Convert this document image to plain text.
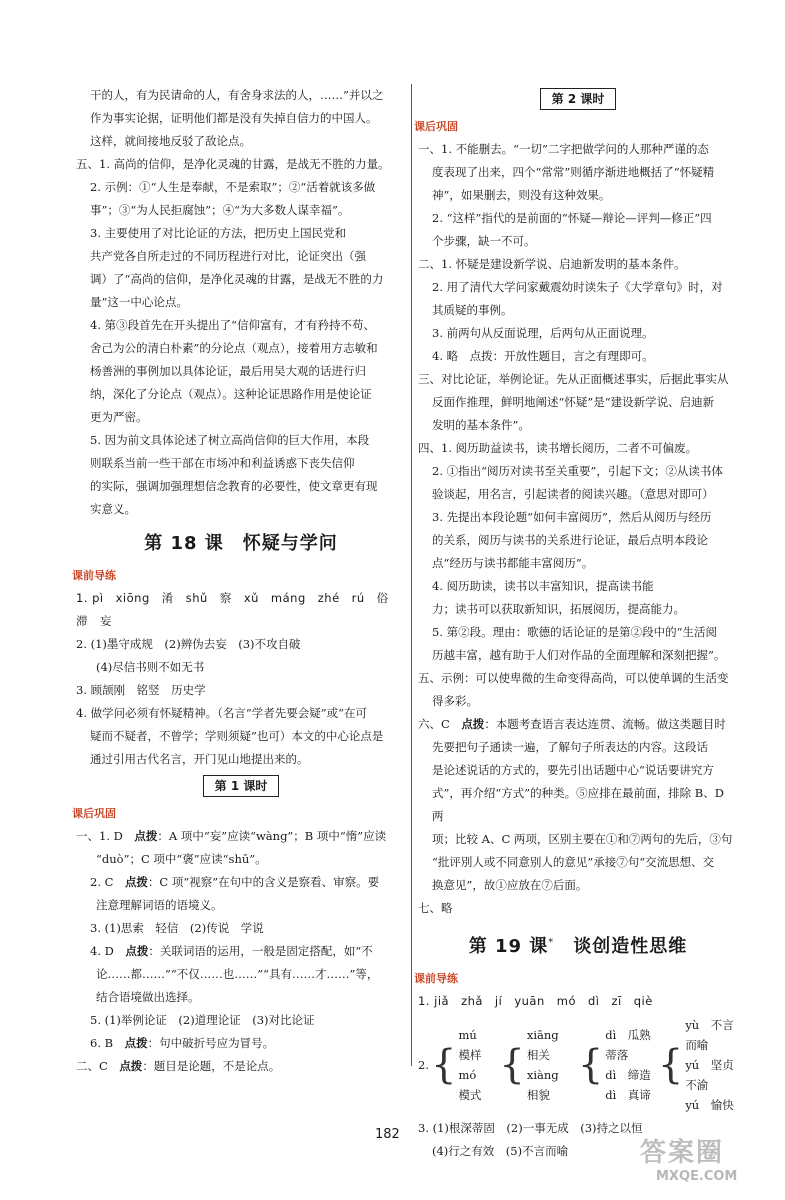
干的人，有为民请命的人，有舍身求法的人，……”并以之

作为事实论据，证明他们都是没有失掉自信力的中国人。

这样，就间接地反驳了敌论点。

五、1. 高尚的信仰，是净化灵魂的甘露，是战无不胜的力量。

2. 示例：①“人生是奉献，不是索取”；②“活着就该多做

事”；③“为人民拒腐蚀”；④“为大多数人谋幸福”。

3. 主要使用了对比论证的方法，把历史上国民党和

共产党各自所走过的不同历程进行对比，论证突出（强

调）了“高尚的信仰，是净化灵魂的甘露，是战无不胜的力

量”这一中心论点。

4. 第③段首先在开头提出了“信仰富有，才有矜持不苟、

舍己为公的清白朴素”的分论点（观点），接着用方志敏和

杨善洲的事例加以具体论证，最后用吴大观的话进行归

纳，深化了分论点（观点）。这种论证思路作用是使论证

更为严密。

5. 因为前文具体论述了树立高尚信仰的巨大作用，本段

则联系当前一些干部在市场冲和利益诱惑下丧失信仰

的实际，强调加强理想信念教育的必要性，使文章更有现

实意义。

第 18 课　怀疑与学问
课前导练

1. pì　xiōng　淆　shǔ　察　xǔ　máng　zhé　rú　俗　滞　妄

2. (1)墨守成规　(2)辨伪去妄　(3)不攻自破

(4)尽信书则不如无书

3. 顾颉刚　铭竖　历史学

4. 做学问必须有怀疑精神。（名言“学者先要会疑”或“在可

疑而不疑者，不曾学；学则须疑”也可）本文的中心论点是

通过引用古代名言，开门见山地提出来的。

第 1 课时
课后巩固

一、1. D　点拨：A 项中“妄”应读“wàng”；B 项中“惰”应读

“duò”；C 项中“褒”应读“shū”。

2. C　点拨：C 项“视察”在句中的含义是察看、审察。要

注意理解词语的语境义。

3. (1)思索　轻信　(2)传说　学说

4. D　点拨：关联词语的运用，一般是固定搭配，如“不

论……都……”“不仅……也……”“具有……才……”等，

结合语境做出选择。

5. (1)举例论证　(2)道理论证　(3)对比论证

6. B　点拨：句中破折号应为冒号。

二、C　点拨：题目是论题，不是论点。

第 2 课时
课后巩固

一、1. 不能删去。“一切”二字把做学问的人那种严谨的态

度表现了出来，四个“常常”则循序渐进地概括了“怀疑精

神”，如果删去，则没有这种效果。

2. “这样”指代的是前面的“怀疑—辩论—评判—修正”四

个步骤，缺一不可。

二、1. 怀疑是建设新学说、启迪新发明的基本条件。

2. 用了清代大学问家戴震幼时读朱子《大学章句》时，对

其质疑的事例。

3. 前两句从反面说理，后两句从正面说理。

4. 略　点拨：开放性题目，言之有理即可。

三、对比论证，举例论证。先从正面概述事实，后据此事实从

反面作推理，鲜明地阐述“怀疑”是“建设新学说、启迪新

发明的基本条件”。

四、1. 阅历助益读书，读书增长阅历，二者不可偏废。

2. ①指出“阅历对读书至关重要”，引起下文；②从读书体

验谈起，用名言，引起读者的阅读兴趣。（意思对即可）

3. 先提出本段论题“如何丰富阅历”，然后从阅历与经历

的关系，阅历与读书的关系进行论证，最后点明本段论

点“经历与读书都能丰富阅历”。

4. 阅历助读，读书以丰富知识，提高读书能

力；读书可以获取新知识，拓展阅历，提高能力。

5. 第②段。理由：歌德的话论证的是第②段中的“生活阅

历越丰富，越有助于人们对作品的全面理解和深刻把握”。

五、示例：可以使卑微的生命变得高尚，可以使单调的生活变

得多彩。

六、C　点拨：本题考查语言表达连贯、流畅。做这类题目时

先要把句子通读一遍，了解句子所表达的内容。这段话

是论述说话的方式的，要先引出话题中心“说话要讲究方

式”，再介绍“方式”的种类。⑤应排在最前面，排除 B、D 两

项；比较 A、C 两项，区别主要在①和⑦两句的先后，③句

“批评別人或不同意别人的意见”承接⑦句“交流思想、交

换意见”，故①应放在⑦后面。

七、略

第 19 课*　 谈创造性思维
课前导练

1. jiǎ　zhǎ　jí　yuān　mó　dì　zī　qiè

2. {
mú　模样
mó　模式
{
xiāng　相关
xiàng　相貌
{
dì　瓜熟蒂落
dì　缔造
dì　真谛
{
yù　不言而喻
yú　坚贞不渝
yú　愉快

3. (1)根深蒂固　(2)一事无成　(3)持之以恒

(4)行之有效　(5)不言而喻

182
答案圈
MXQE.COM
